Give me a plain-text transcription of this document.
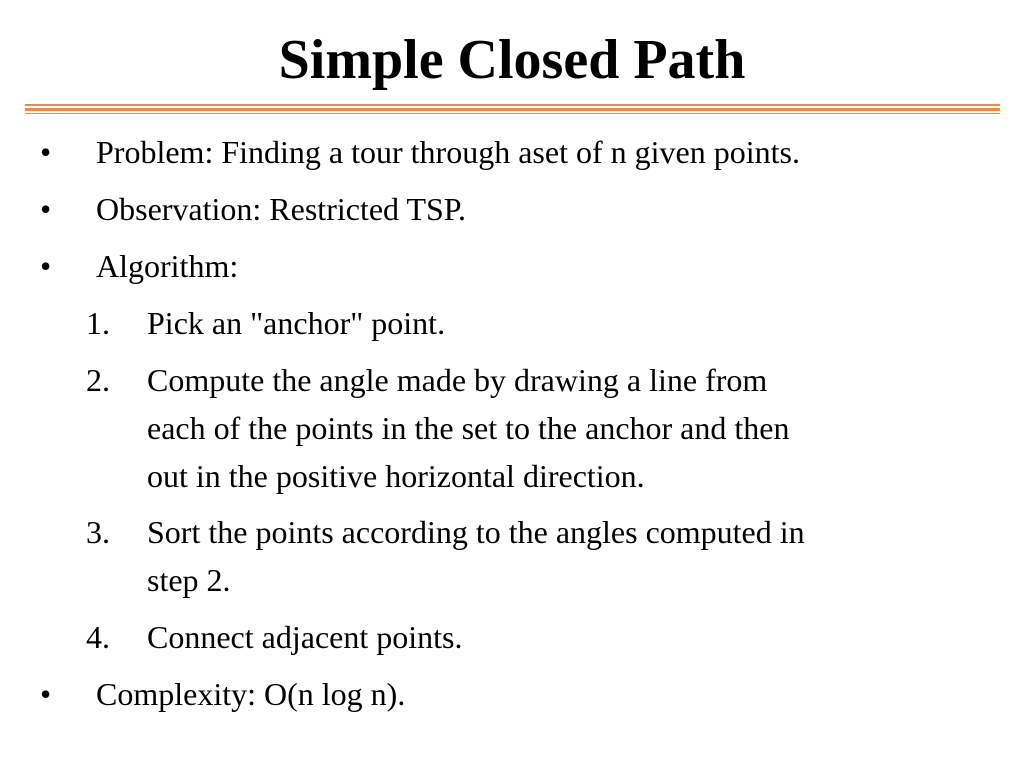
Simple Closed Path
• Problem: Finding a tour through aset of n given points.
• Observation: Restricted TSP.
• Algorithm:
1. Pick an "anchor" point.
2. Compute the angle made by drawing a line from
each of the points in the set to the anchor and then
out in the positive horizontal direction.
3. Sort the points according to the angles computed in
step 2.
4. Connect adjacent points.
• Complexity: O(n log n).
